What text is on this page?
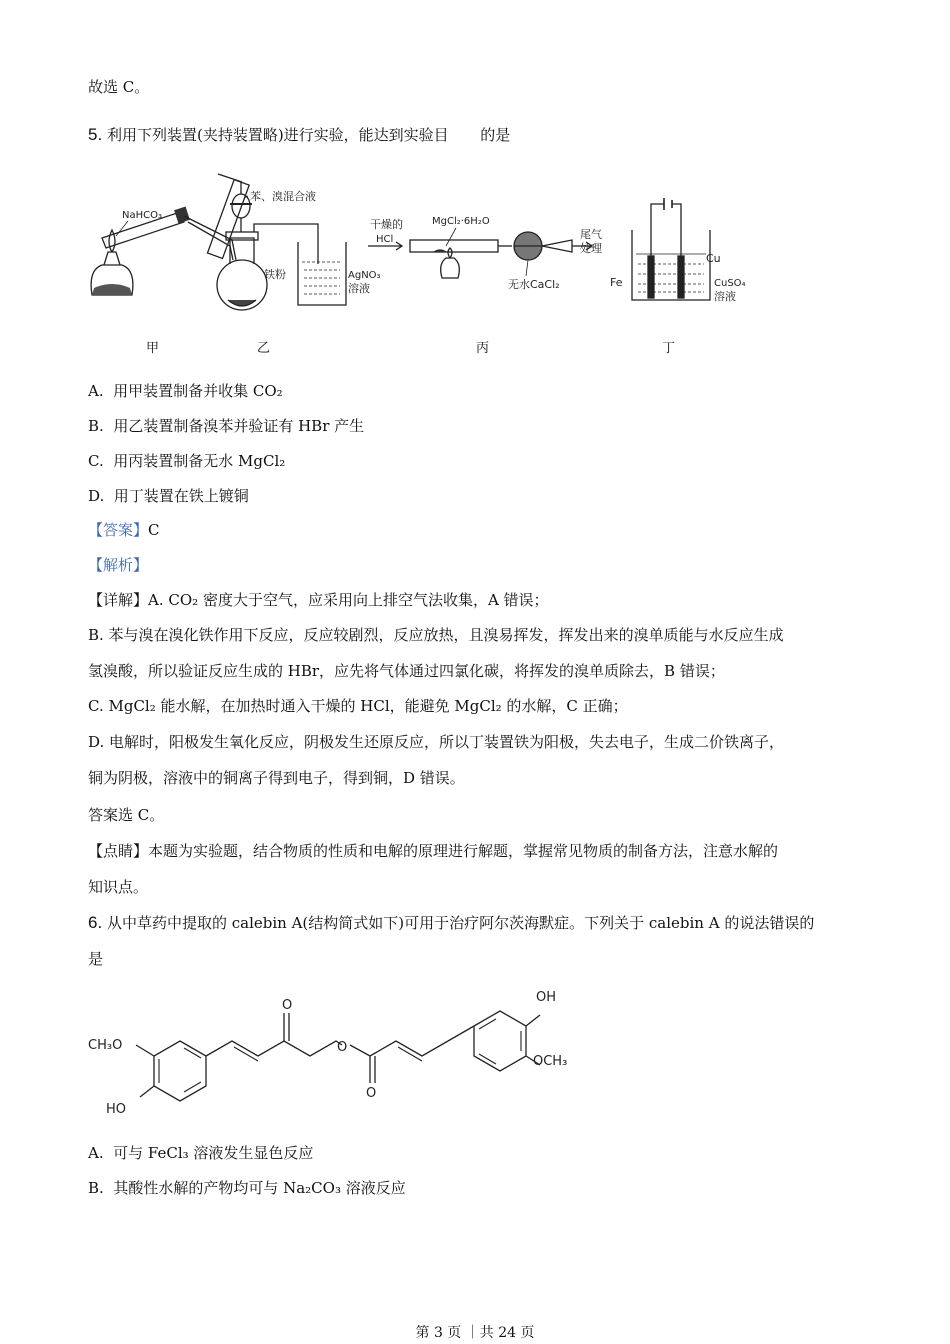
故选 C。
5. 利用下列装置(夹持装置略)进行实验，能达到实验目 的是
NaHCO₃
苯、溴混合液
铁粉	AgNO₃
溶液
干燥的
HCl
MgCl₂·6H₂O
尾气
处理
无水CaCl₂	Fe
Cu
CuSO₄
溶液
甲	乙	丙	丁
A.  用甲装置制备并收集 CO₂
B.  用乙装置制备溴苯并验证有 HBr 产生
C.  用丙装置制备无水 MgCl₂
D.  用丁装置在铁上镀铜
【答案】C
【解析】
【详解】A. CO₂ 密度大于空气，应采用向上排空气法收集，A 错误；
B. 苯与溴在溴化铁作用下反应，反应较剧烈，反应放热，且溴易挥发，挥发出来的溴单质能与水反应生成
氢溴酸，所以验证反应生成的 HBr，应先将气体通过四氯化碳，将挥发的溴单质除去，B 错误；
C. MgCl₂ 能水解，在加热时通入干燥的 HCl，能避免 MgCl₂ 的水解，C 正确；
D. 电解时，阳极发生氧化反应，阴极发生还原反应，所以丁装置铁为阳极，失去电子，生成二价铁离子，
铜为阴极，溶液中的铜离子得到电子，得到铜，D 错误。
答案选 C。
【点睛】本题为实验题，结合物质的性质和电解的原理进行解题，掌握常见物质的制备方法，注意水解的
知识点。
6. 从中草药中提取的 calebin A(结构简式如下)可用于治疗阿尔茨海默症。下列关于 calebin A 的说法错误的
是
CH₃O
HO
O
O
O
OH
OCH₃
A.  可与 FeCl₃ 溶液发生显色反应
B.  其酸性水解的产物均可与 Na₂CO₃ 溶液反应
第 3 页 ｜共 24 页
